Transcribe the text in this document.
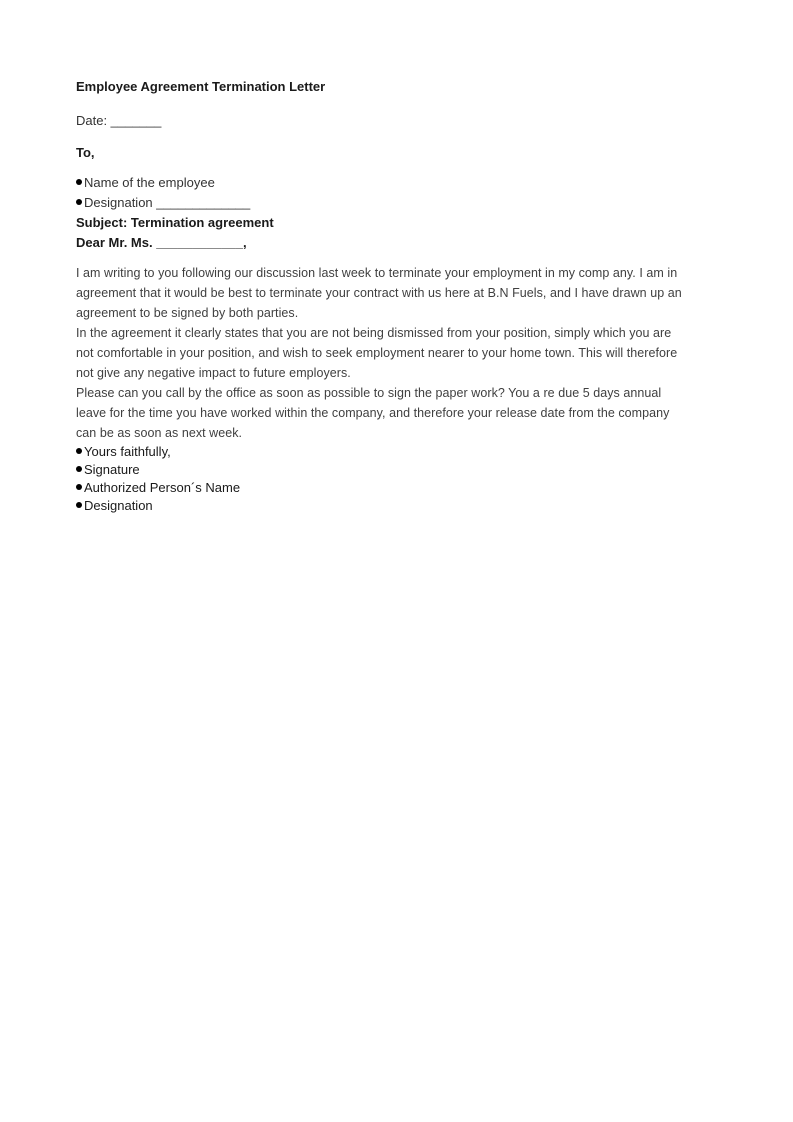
Employee Agreement Termination Letter
Date: _______
To,
Name of the employee
Designation _____________
Subject: Termination agreement
Dear Mr. Ms. ____________,

I am writing to you following our discussion last week to terminate your employment in my comp any. I am in

agreement that it would be best to terminate your contract with us here at B.N Fuels, and I have drawn up an

agreement to be signed by both parties.

In the agreement it clearly states that you are not being dismissed from your position, simply which you are

not comfortable in your position, and wish to seek employment nearer to your home town. This will therefore

not give any negative impact to future employers.

Please can you call by the office as soon as possible to sign the paper work? You a re due 5 days annual

leave for the time you have worked within the company, and therefore your release date from the company

can be as soon as next week.

Yours faithfully,
Signature
Authorized Person´s Name
Designation
